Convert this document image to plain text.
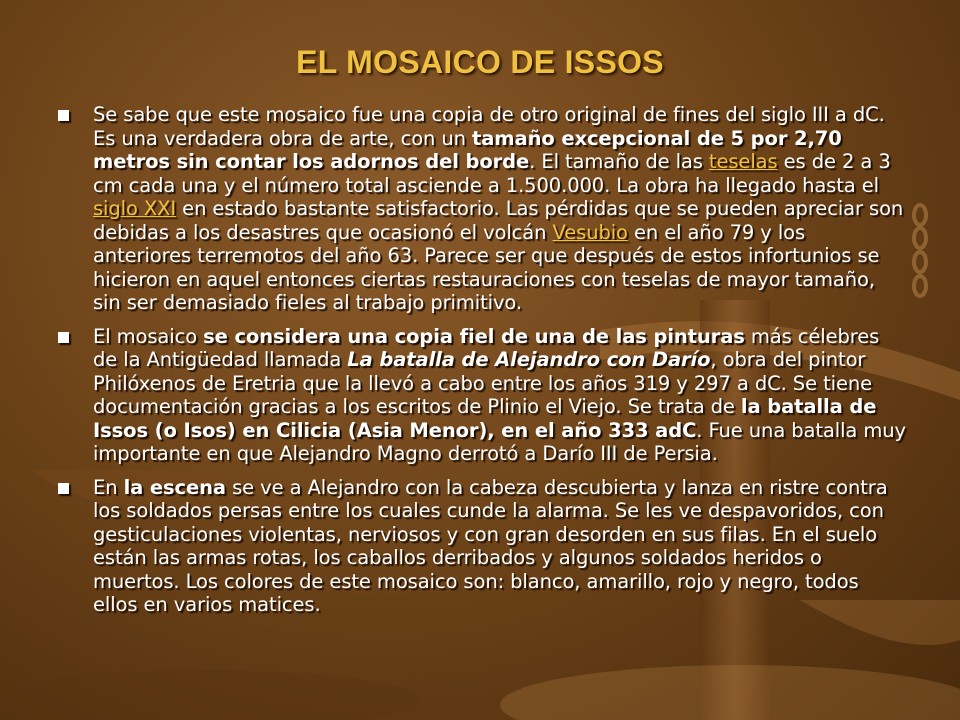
EL MOSAICO DE ISSOS
Se sabe que este mosaico fue una copia de otro original de fines del siglo III a dC. Es una verdadera obra de arte, con un tamaño excepcional de 5 por 2,70 metros sin contar los adornos del borde. El tamaño de las teselas es de 2 a 3 cm cada una y el número total asciende a 1.500.000. La obra ha llegado hasta el siglo XXI en estado bastante satisfactorio. Las pérdidas que se pueden apreciar son debidas a los desastres que ocasionó el volcán Vesubio en el año 79 y los anteriores terremotos del año 63. Parece ser que después de estos infortunios se hicieron en aquel entonces ciertas restauraciones con teselas de mayor tamaño, sin ser demasiado fieles al trabajo primitivo.
El mosaico se considera una copia fiel de una de las pinturas más célebres de la Antigüedad llamada La batalla de Alejandro con Darío, obra del pintor Philóxenos de Eretria que la llevó a cabo entre los años 319 y 297 a dC. Se tiene documentación gracias a los escritos de Plinio el Viejo. Se trata de la batalla de Issos (o Isos) en Cilicia (Asia Menor), en el año 333 adC. Fue una batalla muy importante en que Alejandro Magno derrotó a Darío III de Persia.
En la escena se ve a Alejandro con la cabeza descubierta y lanza en ristre contra los soldados persas entre los cuales cunde la alarma. Se les ve despavoridos, con gesticulaciones violentas, nerviosos y con gran desorden en sus filas. En el suelo están las armas rotas, los caballos derribados y algunos soldados heridos o muertos. Los colores de este mosaico son: blanco, amarillo, rojo y negro, todos ellos en varios matices.
